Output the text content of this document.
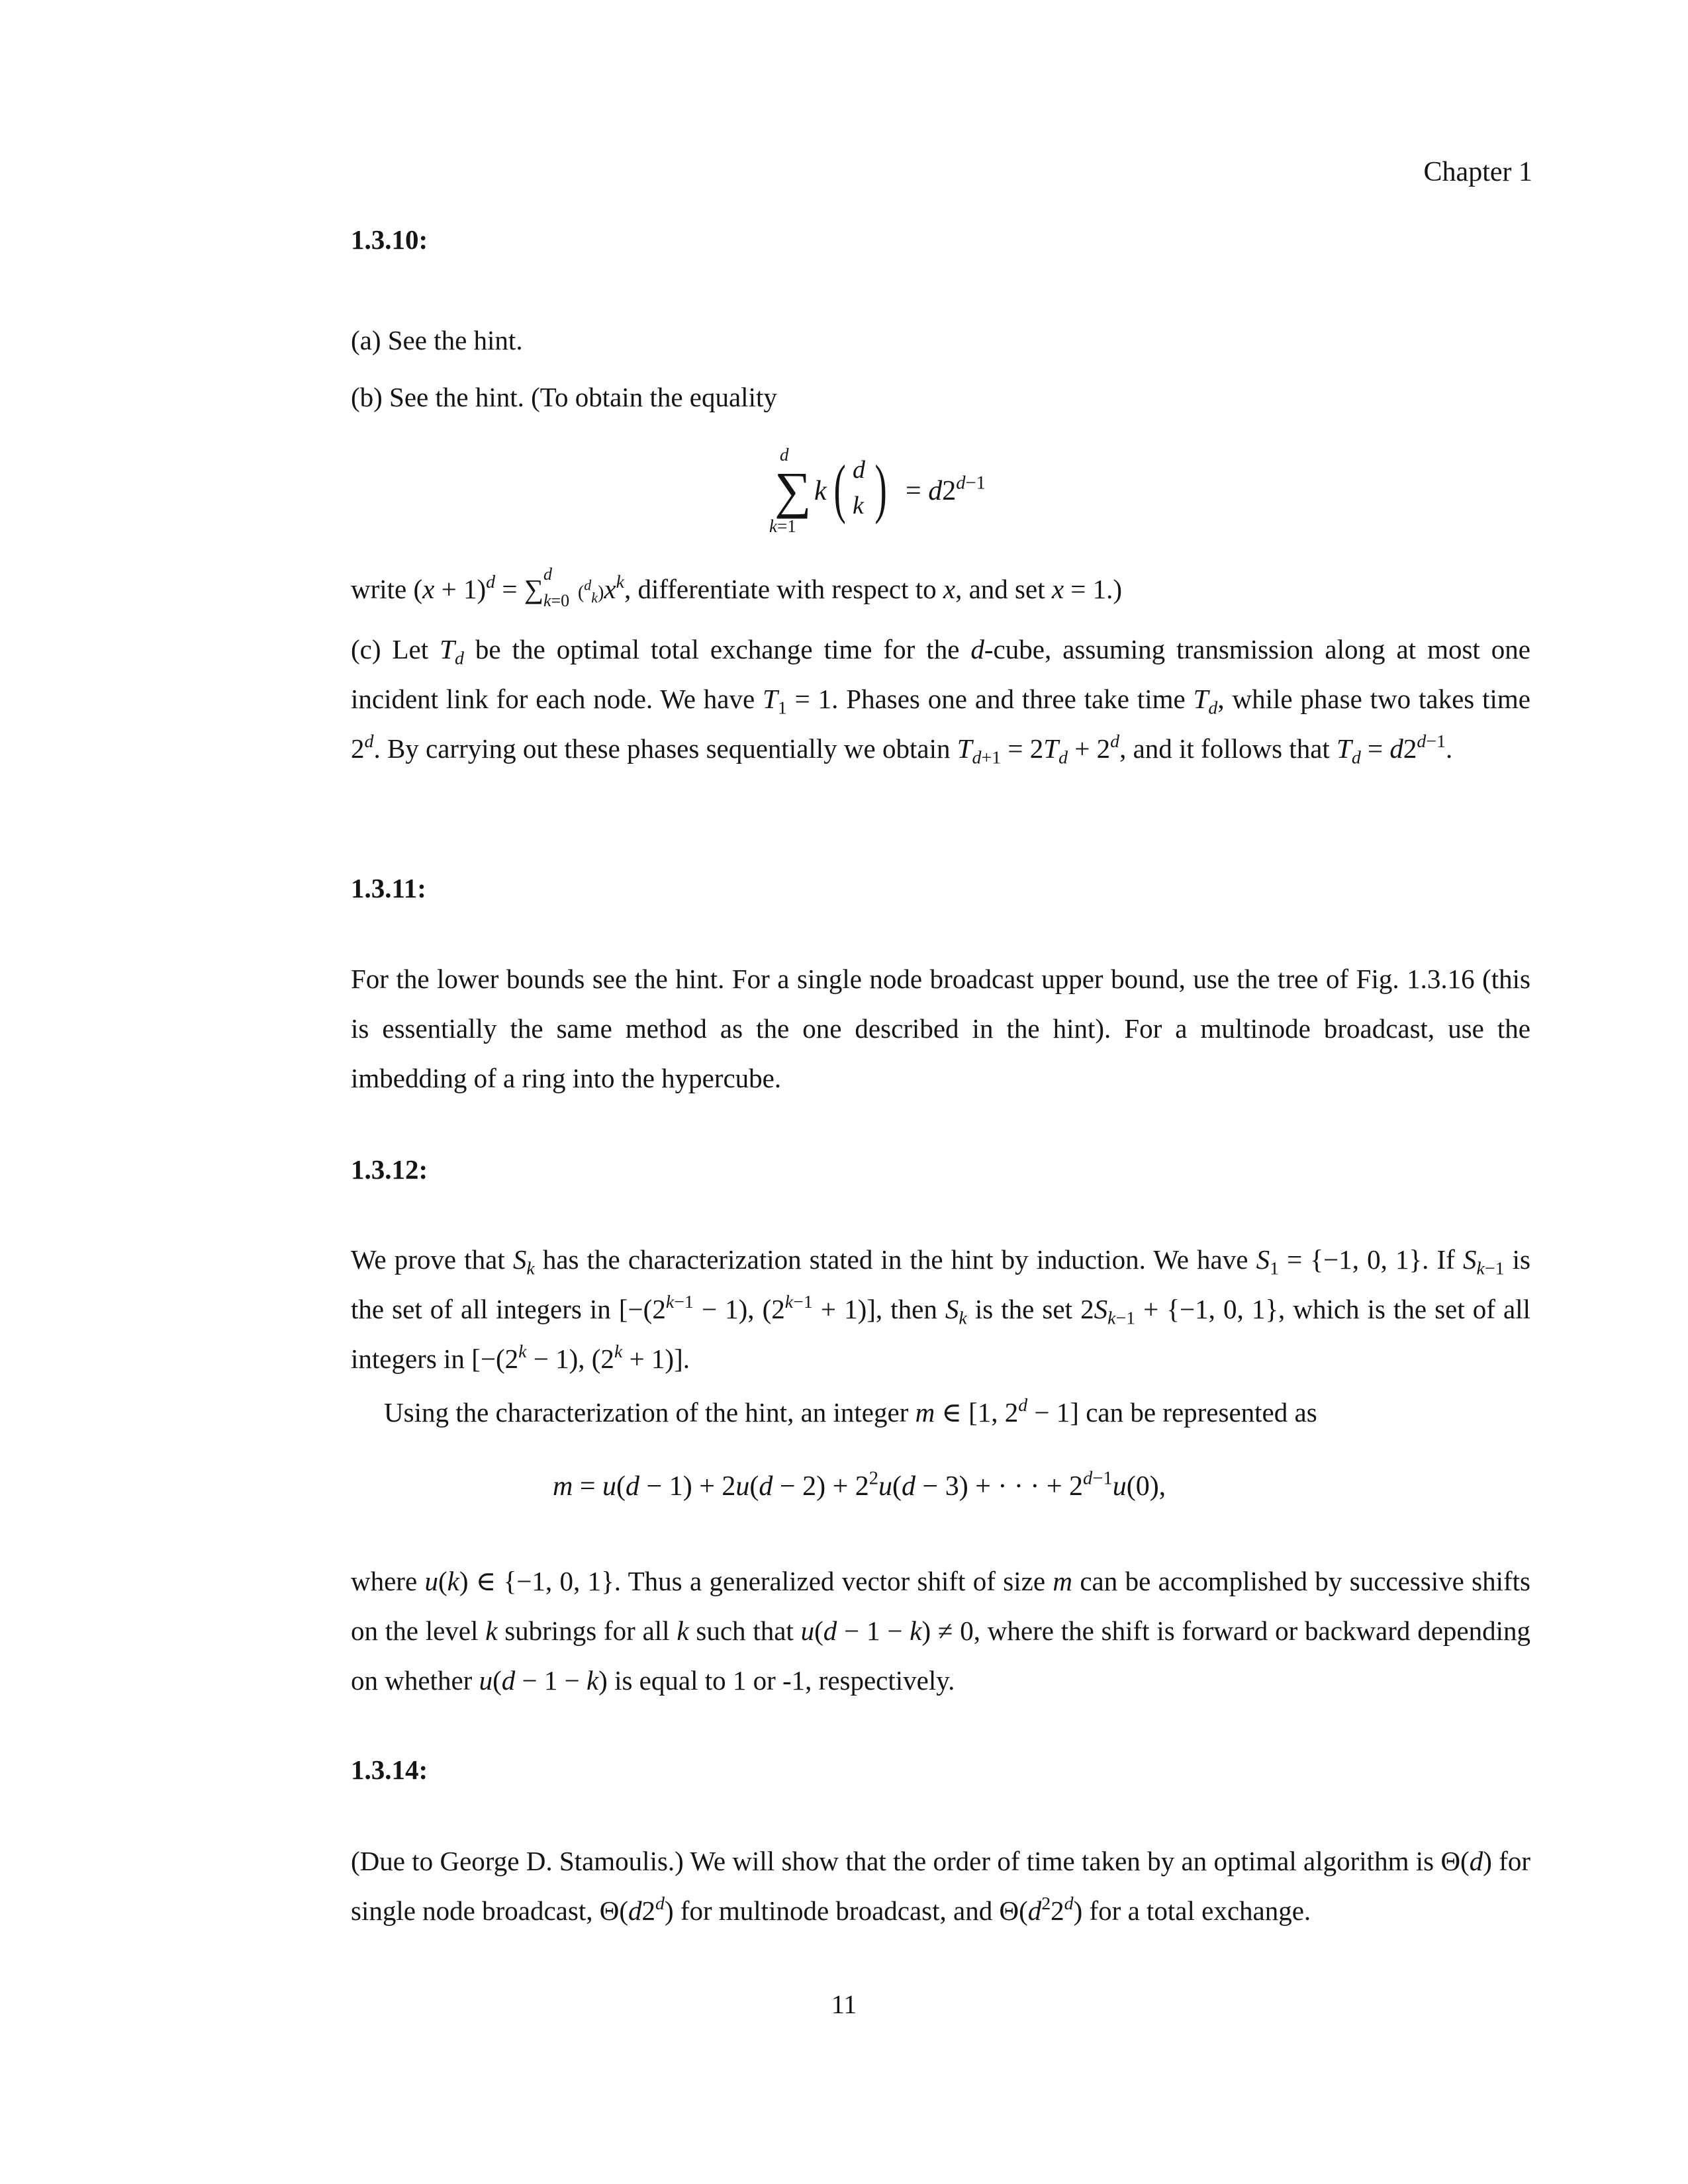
Chapter 1
1.3.10:
(a) See the hint.
(b) See the hint. (To obtain the equality
d
∑
k=1
k ( d
k ) = $d2^{d-1}$
write $(x + 1)^d$ = ∑ d
k=0 $(^d_k)x^k$, differentiate with respect to x, and set x = 1.)

(c) Let $T_d$ be the optimal total exchange time for the d-cube, assuming transmission along at most one incident link for each node. We have $T_1 = 1$. Phases one and three take time $T_d$, while phase two takes time 2$^d$. By carrying out these phases sequentially we obtain $T_{d+1} = 2T_d + 2^d$, and it follows that $T_d = d2^{d-1}$.

1.3.11:

For the lower bounds see the hint. For a single node broadcast upper bound, use the tree of Fig. 1.3.16 (this is essentially the same method as the one described in the hint). For a multinode broadcast, use the imbedding of a ring into the hypercube.

1.3.12:

We prove that $S_k$ has the characterization stated in the hint by induction. We have $S_1 = \{-1$, 0, 1}. If $S_{k-1}$ is the set of all integers in [$-(2^{k-1} - 1)$, $(2^{k-1} + 1)$], then $S_k$ is the set $2S_{k-1} + \{-1$, 0, 1}, which is the set of all integers in [$-(2^k - 1)$, $(2^k + 1)$].

Using the characterization of the hint, an integer m ∈ [1, $2^d - 1$] can be represented as
$m = u(d - 1) + 2u(d - 2) + 2^2u(d - 3)$ + · · · + $2^{d-1}u(0)$,

where u(k) ∈ {−1, 0, 1}. Thus a generalized vector shift of size m can be accomplished by successive shifts on the level k subrings for all k such that u(d − 1 − k) ≠ 0, where the shift is forward or backward depending on whether u(d − 1 − k) is equal to 1 or -1, respectively.

1.3.14:

(Due to George D. Stamoulis.) We will show that the order of time taken by an optimal algorithm is Θ(d) for single node broadcast, Θ(d2$^d$) for multinode broadcast, and $\Theta(d^22^d)$ for a total exchange.

11
